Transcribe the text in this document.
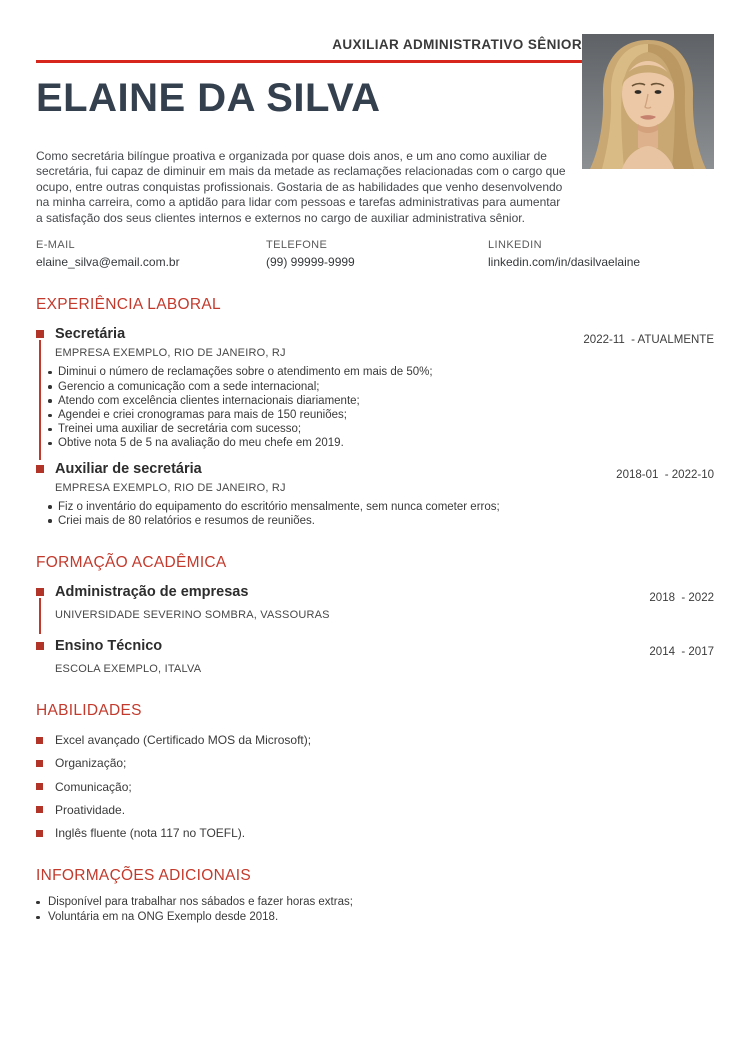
AUXILIAR ADMINISTRATIVO SÊNIOR
ELAINE DA SILVA

Como secretária bilíngue proativa e organizada por quase dois anos, e um ano como auxiliar de secretária, fui capaz de diminuir em mais da metade as reclamações relacionadas com o cargo que ocupo, entre outras conquistas profissionais. Gostaria de as habilidades que venho desenvolvendo na minha carreira, como a aptidão para lidar com pessoas e tarefas administrativas para aumentar a satisfação dos seus clientes internos e externos no cargo de auxiliar administrativa sênior.

E-MAIL
elaine_silva@email.com.br
TELEFONE
(99) 99999-9999
LINKEDIN
linkedin.com/in/dasilvaelaine
EXPERIÊNCIA LABORAL
Secretária	2022-11  - ATUALMENTE
EMPRESA EXEMPLO, RIO DE JANEIRO, RJ
Diminui o número de reclamações sobre o atendimento em mais de 50%;
Gerencio a comunicação com a sede internacional;
Atendo com excelência clientes internacionais diariamente;
Agendei e criei cronogramas para mais de 150 reuniões;
Treinei uma auxiliar de secretária com sucesso;
Obtive nota 5 de 5 na avaliação do meu chefe em 2019.
Auxiliar de secretária	2018-01  - 2022-10
EMPRESA EXEMPLO, RIO DE JANEIRO, RJ
Fiz o inventário do equipamento do escritório mensalmente, sem nunca cometer erros;
Criei mais de 80 relatórios e resumos de reuniões.
FORMAÇÃO ACADÊMICA
Administração de empresas	2018  - 2022
UNIVERSIDADE SEVERINO SOMBRA, VASSOURAS
Ensino Técnico	2014  - 2017
ESCOLA EXEMPLO, ITALVA
HABILIDADES
Excel avançado (Certificado MOS da Microsoft);
Organização;
Comunicação;
Proatividade.
Inglês fluente (nota 117 no TOEFL).
INFORMAÇÕES ADICIONAIS
Disponível para trabalhar nos sábados e fazer horas extras;
Voluntária em na ONG Exemplo desde 2018.
